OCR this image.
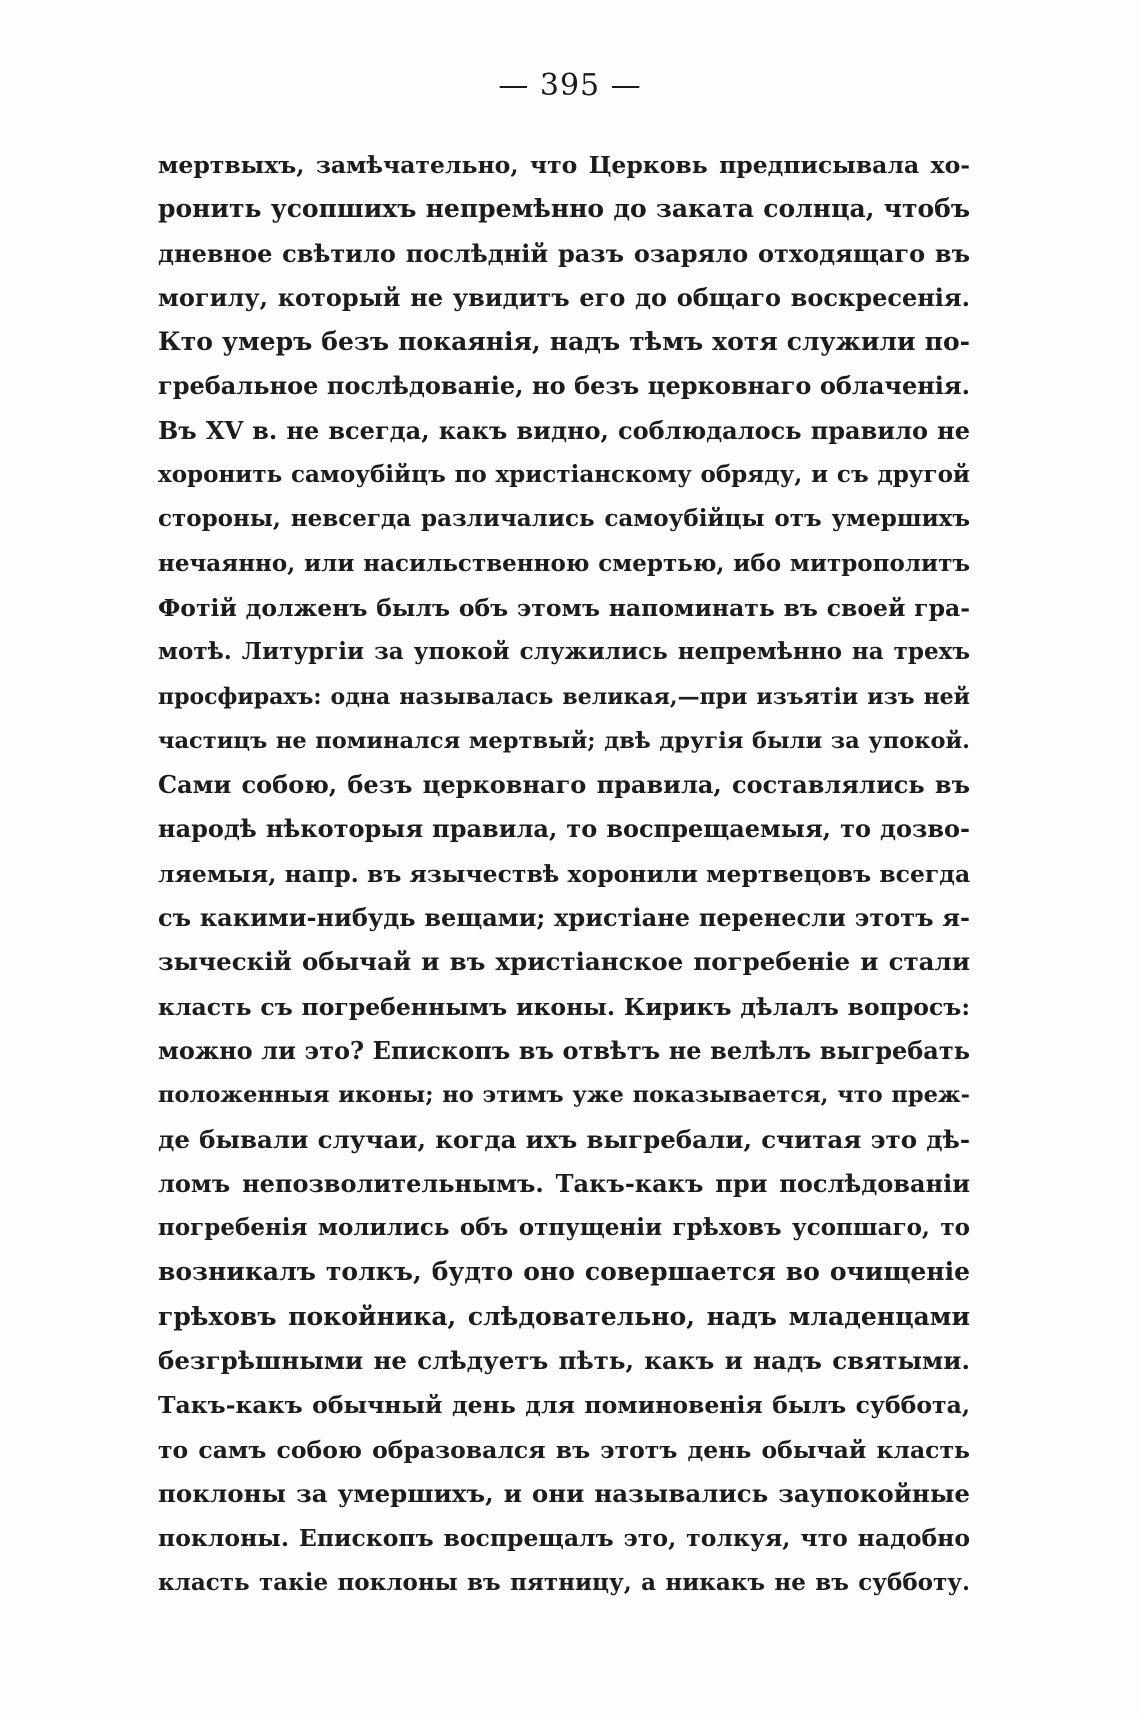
— 395 —
мертвыхъ, замѣчательно, что Церковь предписывала хо-
ронить усопшихъ непремѣнно до заката солнца, чтобъ
дневное свѣтило послѣднiй разъ озаряло отходящаго въ
могилу, который не увидитъ его до общаго воскресенiя.
Кто умеръ безъ покаянiя, надъ тѣмъ хотя служили по-
гребальное послѣдованiе, но безъ церковнаго облаченiя.
Въ XV в. не всегда, какъ видно, соблюдалось правило не
хоронить самоубiйцъ по христiанскому обряду, и съ другой
стороны, невсегда различались самоубiйцы отъ умершихъ
нечаянно, или насильственною смертью, ибо митрополитъ
Фотiй долженъ былъ объ этомъ напоминать въ своей гра-
мотѣ. Литургiи за упокой служились непремѣнно на трехъ
просфирахъ: одна называлась великая,—при изъятiи изъ ней
частицъ не поминался мертвый; двѣ другiя были за упокой.
Сами собою, безъ церковнаго правила, составлялись въ
народѣ нѣкоторыя правила, то воспрещаемыя, то дозво-
ляемыя, напр. въ язычествѣ хоронили мертвецовъ всегда
съ какими-нибудь вещами; христiане перенесли этотъ я-
зыческiй обычай и въ христiанское погребенiе и стали
класть съ погребеннымъ иконы. Кирикъ дѣлалъ вопросъ:
можно ли это? Епископъ въ отвѣтъ не велѣлъ выгребать
положенныя иконы; но этимъ уже показывается, что преж-
де бывали случаи, когда ихъ выгребали, считая это дѣ-
ломъ непозволительнымъ. Такъ-какъ при послѣдованiи
погребенiя молились объ отпущенiи грѣховъ усопшаго, то
возникалъ толкъ, будто оно совершается во очищенiе
грѣховъ покойника, слѣдовательно, надъ младенцами
безгрѣшными не слѣдуетъ пѣть, какъ и надъ святыми.
Такъ-какъ обычный день для поминовенiя былъ суббота,
то самъ собою образовался въ этотъ день обычай класть
поклоны за умершихъ, и они назывались заупокойные
поклоны. Епископъ воспрещалъ это, толкуя, что надобно
класть такiе поклоны въ пятницу, а никакъ не въ субботу.
